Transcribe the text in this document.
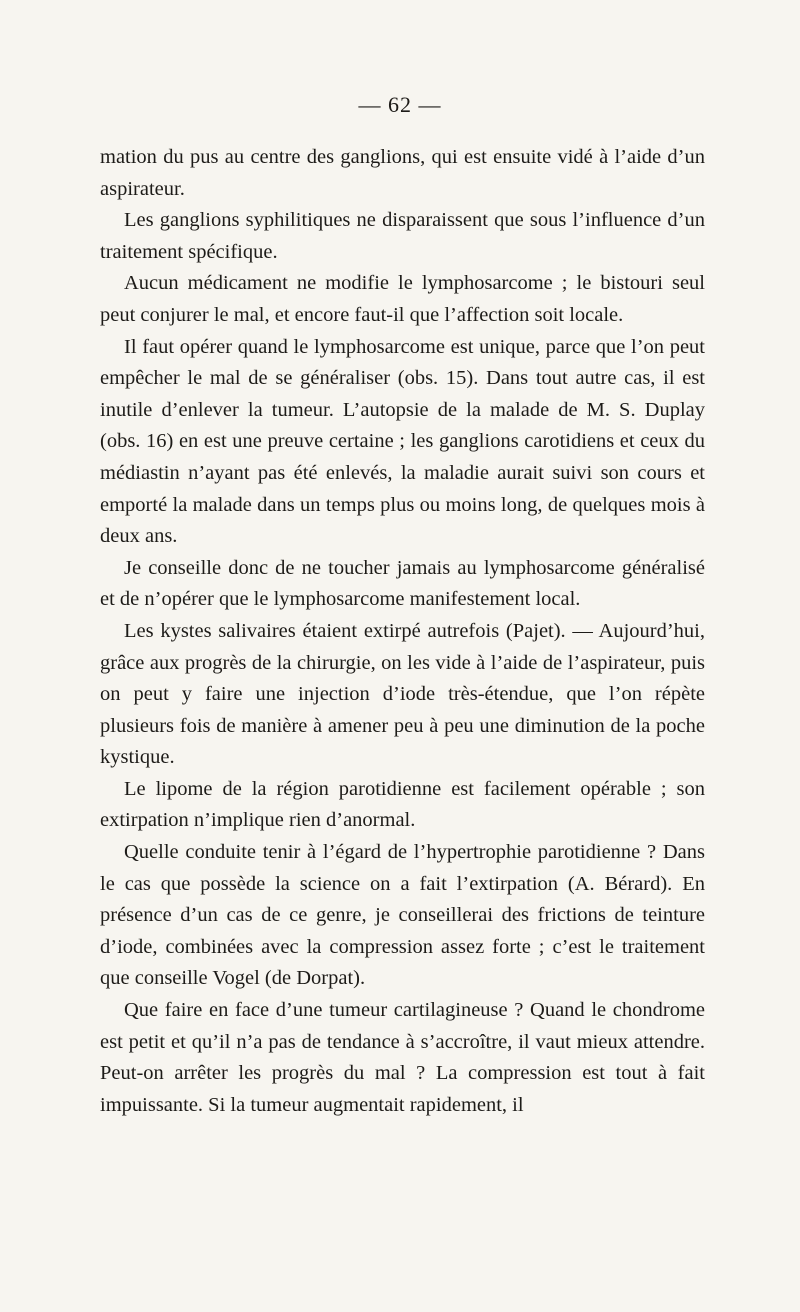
— 62 —

mation du pus au centre des ganglions, qui est ensuite vidé à l’aide d’un aspirateur.

Les ganglions syphilitiques ne disparaissent que sous l’influence d’un traitement spécifique.

Aucun médicament ne modifie le lymphosarcome ; le bistouri seul peut conjurer le mal, et encore faut-il que l’affection soit locale.

Il faut opérer quand le lymphosarcome est unique, parce que l’on peut empêcher le mal de se généraliser (obs. 15). Dans tout autre cas, il est inutile d’enlever la tumeur. L’autopsie de la malade de M. S. Duplay (obs. 16) en est une preuve certaine ; les ganglions carotidiens et ceux du médiastin n’ayant pas été enlevés, la maladie aurait suivi son cours et emporté la malade dans un temps plus ou moins long, de quelques mois à deux ans.

Je conseille donc de ne toucher jamais au lymphosarcome généralisé et de n’opérer que le lymphosarcome manifestement local.

Les kystes salivaires étaient extirpé autrefois (Pajet). — Aujourd’hui, grâce aux progrès de la chirurgie, on les vide à l’aide de l’aspirateur, puis on peut y faire une injection d’iode très-étendue, que l’on répète plusieurs fois de manière à amener peu à peu une diminution de la poche kystique.

Le lipome de la région parotidienne est facilement opérable ; son extirpation n’implique rien d’anormal.

Quelle conduite tenir à l’égard de l’hypertrophie parotidienne ? Dans le cas que possède la science on a fait l’extirpation (A. Bérard). En présence d’un cas de ce genre, je conseillerai des frictions de teinture d’iode, combinées avec la compression assez forte ; c’est le traitement que conseille Vogel (de Dorpat).

Que faire en face d’une tumeur cartilagineuse ? Quand le chondrome est petit et qu’il n’a pas de tendance à s’accroître, il vaut mieux attendre. Peut-on arrêter les progrès du mal ? La compression est tout à fait impuissante. Si la tumeur augmentait rapidement, il
